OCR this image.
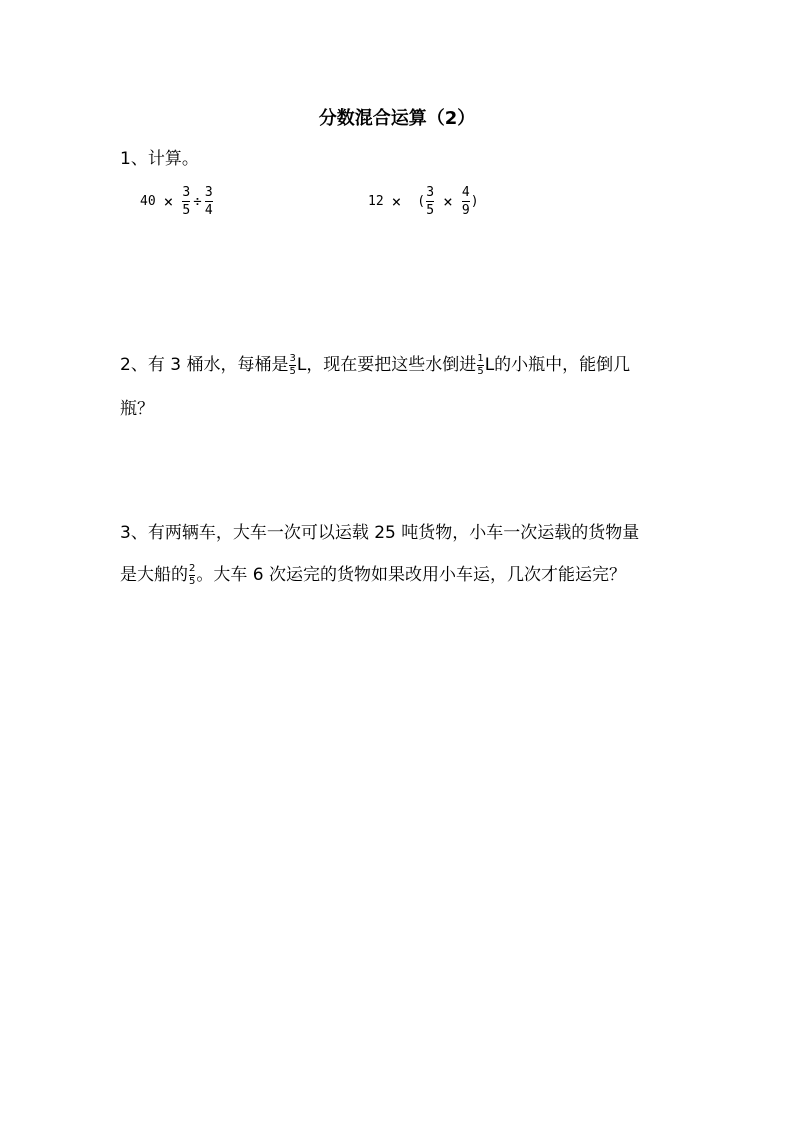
分数混合运算（2）
1、计算。
$40 \times \frac{3}{5} \div \frac{3}{4}$	12 × ( $\frac{3}{5} \times \frac{4}{9}$ )
2、有 3 桶水，每桶是 $\frac{3}{5}$ L ，现在要把这些水倒进 $\frac{1}{5}$ L 的小瓶中，能倒几
瓶？
3、有两辆车，大车一次可以运载 25 吨货物，小车一次运载的货物量
是大船的 $\frac{2}{5}$ 。大车 6 次运完的货物如果改用小车运，几次才能运完？
